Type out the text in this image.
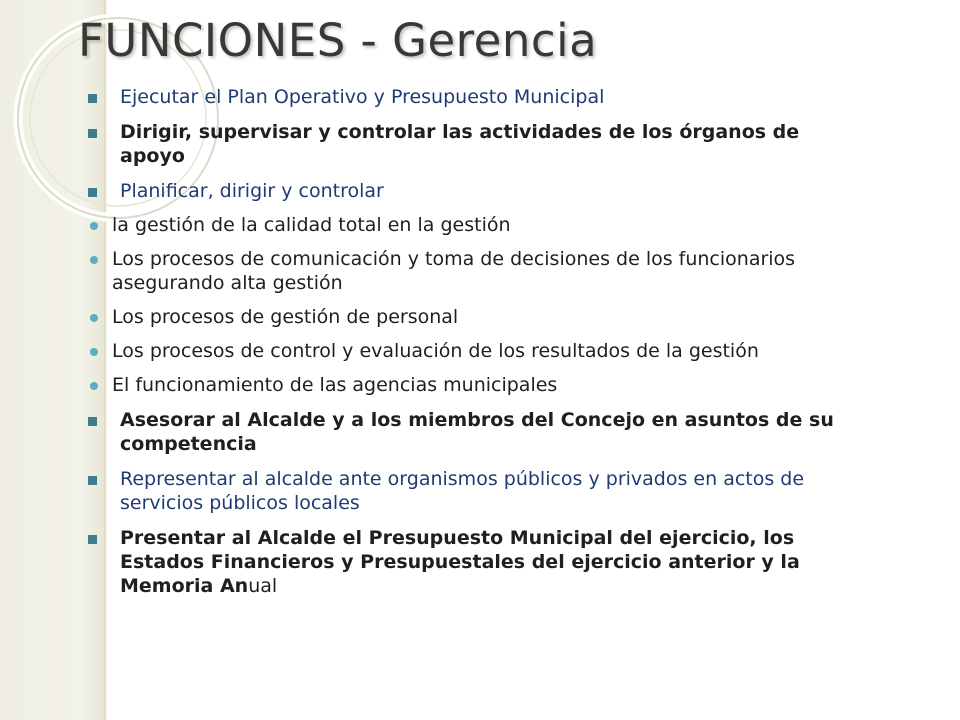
FUNCIONES - Gerencia
Ejecutar el Plan Operativo y Presupuesto Municipal
Dirigir, supervisar y controlar las actividades de los órganos de apoyo
Planificar, dirigir y controlar
la gestión de la calidad total en la gestión
Los procesos de comunicación y toma de decisiones de los funcionarios asegurando alta gestión
Los procesos de gestión de personal
Los procesos de control y evaluación de los resultados de la gestión
El funcionamiento de las agencias municipales
Asesorar al Alcalde y a los miembros del Concejo en asuntos de su competencia
Representar al alcalde ante organismos públicos y privados en actos de servicios públicos locales
Presentar al Alcalde el Presupuesto Municipal del ejercicio, los Estados Financieros y Presupuestales del ejercicio anterior y la Memoria Anual
